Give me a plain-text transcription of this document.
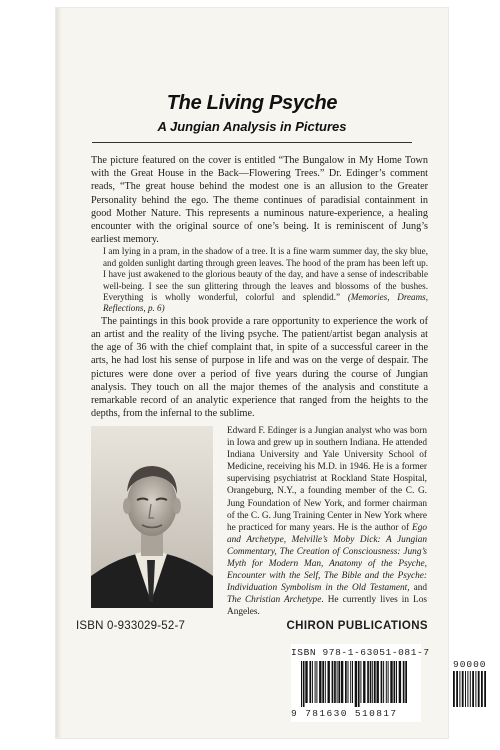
The Living Psyche
A Jungian Analysis in Pictures

The picture featured on the cover is entitled “The Bungalow in My Home Town with the Great House in the Back—Flowering Trees.” Dr. Edinger’s comment reads, “The great house behind the modest one is an allusion to the Greater Personality behind the ego. The theme continues of paradisial containment in good Mother Nature. This represents a numinous nature-experience, a healing encounter with the original source of one’s being. It is reminiscent of Jung’s earliest memory.

I am lying in a pram, in the shadow of a tree. It is a fine warm summer day, the sky blue, and golden sunlight darting through green leaves. The hood of the pram has been left up. I have just awakened to the glorious beauty of the day, and have a sense of indescribable well-being. I see the sun glittering through the leaves and blossoms of the bushes. Everything is wholly wonderful, colorful and splendid.” (Memories, Dreams, Reflections, p. 6)

The paintings in this book provide a rare opportunity to experience the work of an artist and the reality of the living psyche. The patient/artist began analysis at the age of 36 with the chief complaint that, in spite of a successful career in the arts, he had lost his sense of purpose in life and was on the verge of despair. The pictures were done over a period of five years during the course of Jungian analysis. They touch on all the major themes of the analysis and constitute a remarkable record of an analytic experience that ranged from the heights to the depths, from the infernal to the sublime.

Edward F. Edinger is a Jungian analyst who was born in Iowa and grew up in southern Indiana. He attended Indiana University and Yale University School of Medicine, receiving his M.D. in 1946. He is a former supervising psychiatrist at Rockland State Hospital, Orangeburg, N.Y., a founding member of the C. G. Jung Foundation of New York, and former chairman of the C. G. Jung Training Center in New York where he practiced for many years. He is the author of Ego and Archetype, Melville’s Moby Dick: A Jungian Commentary, The Creation of Consciousness: Jung’s Myth for Modern Man, Anatomy of the Psyche, Encounter with the Self, The Bible and the Psyche: Individuation Symbolism in the Old Testament, and The Christian Archetype. He currently lives in Los Angeles.
ISBN 0-933029-52-7	CHIRON PUBLICATIONS
ISBN 978-1-63051-081-7
90000
9 781630 510817
